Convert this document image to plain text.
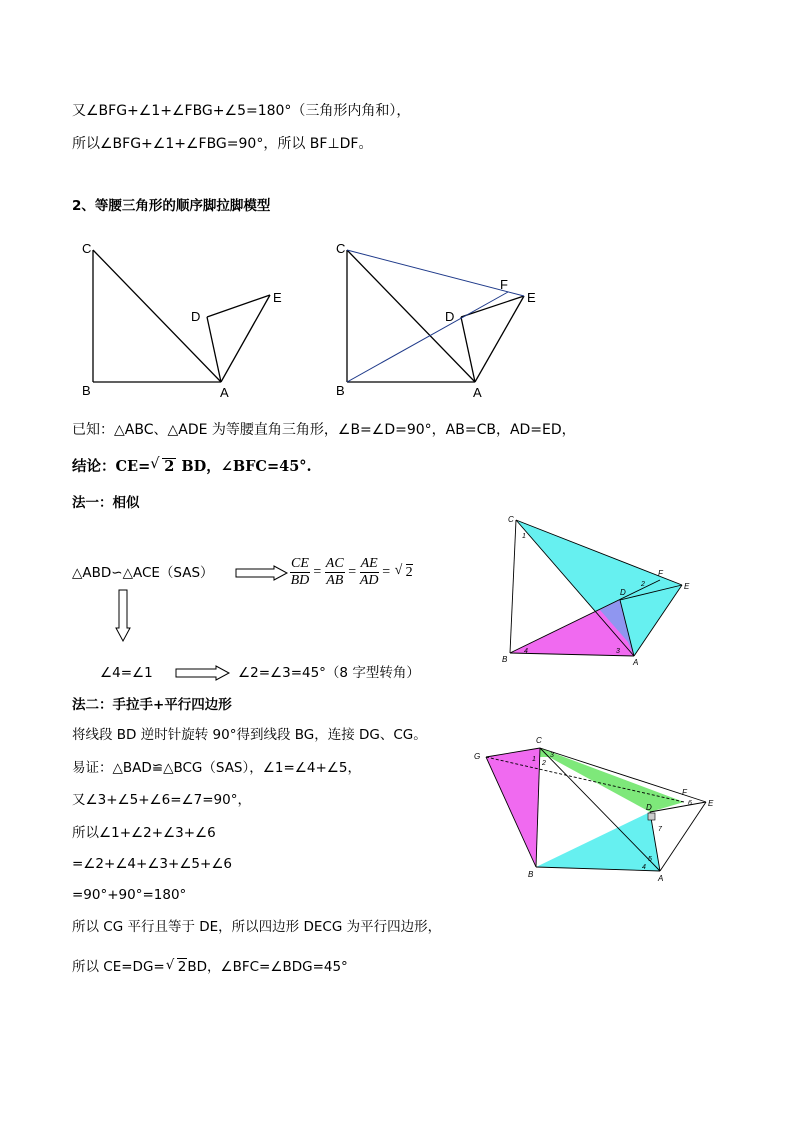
又∠BFG+∠1+∠FBG+∠5=180°（三角形内角和），
所以∠BFG+∠1+∠FBG=90°，所以 BF⊥DF。
2、等腰三角形的顺序脚拉脚模型
C
B	A
D
E
C
B	A
D
E
F
已知：△ABC、△ADE 为等腰直角三角形，∠B=∠D=90°，AB=CB，AD=ED，
结论：CE= √ 2 BD，∠BFC=45°.
法一：相似
△ABD∽△ACE（SAS）	$\frac{CE}{BD} = \frac{AC}{AB} = \frac{AE}{AD}$ = √ 2
∠4=∠1	∠2=∠3=45°（8 字型转角）
C
B	A
D
E
F
1
2
3
4
法二：手拉手+平行四边形
将线段 BD 逆时针旋转 90°得到线段 BG，连接 DG、CG。
易证：△BAD≌△BCG（SAS），∠1=∠4+∠5，
又∠3+∠5+∠6=∠7=90°，
所以∠1+∠2+∠3+∠6
=∠2+∠4+∠3+∠5+∠6
=90°+90°=180°
所以 CG 平行且等于 DE，所以四边形 DECG 为平行四边形，
所以 CE=DG= √ 2BD，∠BFC=∠BDG=45°
G
C
B	A
D	E
F
1
2
3
4
5
6
7
